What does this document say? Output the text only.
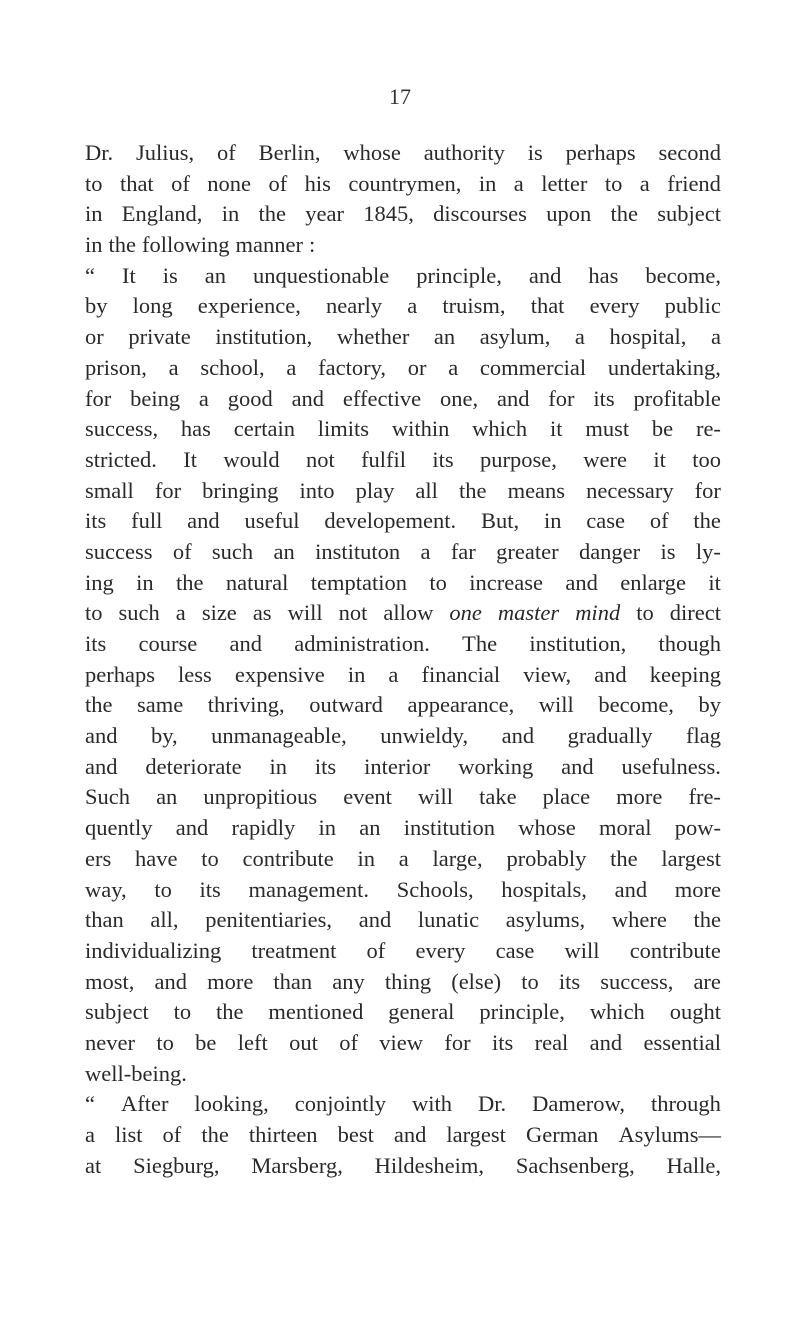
17
Dr. Julius, of Berlin, whose authority is perhaps second
to that of none of his countrymen, in a letter to a friend
in England, in the year 1845, discourses upon the subject
in the following manner :
“ It is an unquestionable principle, and has become,
by long experience, nearly a truism, that every public
or private institution, whether an asylum, a hospital, a
prison, a school, a factory, or a commercial undertaking,
for being a good and effective one, and for its profitable
success, has certain limits within which it must be re-
stricted. It would not fulfil its purpose, were it too
small for bringing into play all the means necessary for
its full and useful developement. But, in case of the
success of such an instituton a far greater danger is ly-
ing in the natural temptation to increase and enlarge it
to such a size as will not allow one master mind to direct
its course and administration. The institution, though
perhaps less expensive in a financial view, and keeping
the same thriving, outward appearance, will become, by
and by, unmanageable, unwieldy, and gradually flag
and deteriorate in its interior working and usefulness.
Such an unpropitious event will take place more fre-
quently and rapidly in an institution whose moral pow-
ers have to contribute in a large, probably the largest
way, to its management. Schools, hospitals, and more
than all, penitentiaries, and lunatic asylums, where the
individualizing treatment of every case will contribute
most, and more than any thing (else) to its success, are
subject to the mentioned general principle, which ought
never to be left out of view for its real and essential
well-being.
“ After looking, conjointly with Dr. Damerow, through
a list of the thirteen best and largest German Asylums—
at Siegburg, Marsberg, Hildesheim, Sachsenberg, Halle,
